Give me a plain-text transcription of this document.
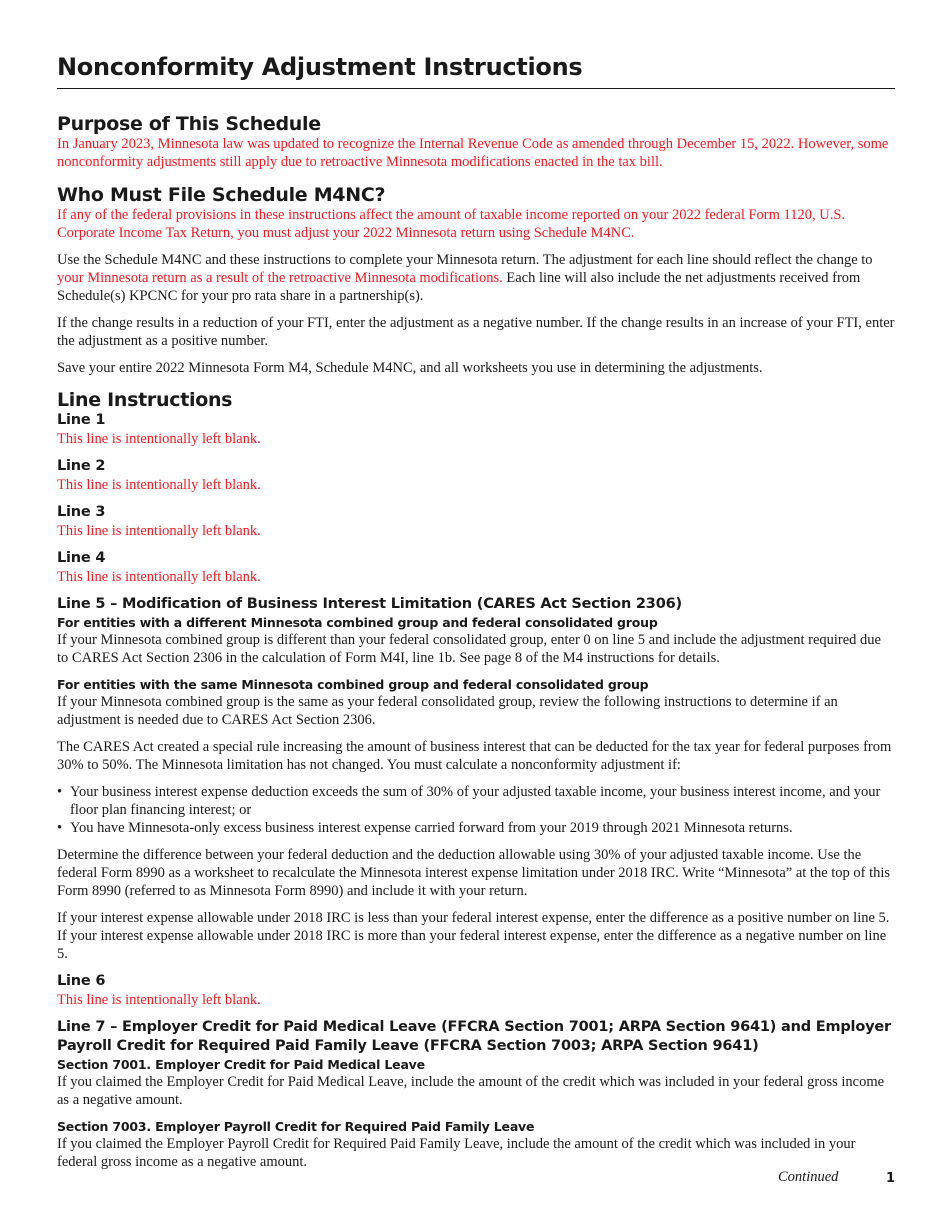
Nonconformity Adjustment Instructions
Purpose of This Schedule

In January 2023, Minnesota law was updated to recognize the Internal Revenue Code as amended through December 15, 2022. However, some nonconformity adjustments still apply due to retroactive Minnesota modifications enacted in the tax bill.

Who Must File Schedule M4NC?

If any of the federal provisions in these instructions affect the amount of taxable income reported on your 2022 federal Form 1120, U.S. Corporate Income Tax Return, you must adjust your 2022 Minnesota return using Schedule M4NC.

Use the Schedule M4NC and these instructions to complete your Minnesota return. The adjustment for each line should reflect the change to your Minnesota return as a result of the retroactive Minnesota modifications. Each line will also include the net adjustments received from Schedule(s) KPCNC for your pro rata share in a partnership(s).

If the change results in a reduction of your FTI, enter the adjustment as a negative number. If the change results in an increase of your FTI, enter the adjustment as a positive number.

Save your entire 2022 Minnesota Form M4, Schedule M4NC, and all worksheets you use in determining the adjustments.

Line Instructions
Line 1

This line is intentionally left blank.

Line 2

This line is intentionally left blank.

Line 3

This line is intentionally left blank.

Line 4

This line is intentionally left blank.

Line 5 – Modification of Business Interest Limitation (CARES Act Section 2306)
For entities with a different Minnesota combined group and federal consolidated group

If your Minnesota combined group is different than your federal consolidated group, enter 0 on line 5 and include the adjustment required due to CARES Act Section 2306 in the calculation of Form M4I, line 1b. See page 8 of the M4 instructions for details.

For entities with the same Minnesota combined group and federal consolidated group

If your Minnesota combined group is the same as your federal consolidated group, review the following instructions to determine if an adjustment is needed due to CARES Act Section 2306.

The CARES Act created a special rule increasing the amount of business interest that can be deducted for the tax year for federal purposes from 30% to 50%. The Minnesota limitation has not changed. You must calculate a nonconformity adjustment if:

• Your business interest expense deduction exceeds the sum of 30% of your adjusted taxable income, your business interest income, and your floor plan financing interest; or
• You have Minnesota-only excess business interest expense carried forward from your 2019 through 2021 Minnesota returns.

Determine the difference between your federal deduction and the deduction allowable using 30% of your adjusted taxable income. Use the federal Form 8990 as a worksheet to recalculate the Minnesota interest expense limitation under 2018 IRC. Write “Minnesota” at the top of this Form 8990 (referred to as Minnesota Form 8990) and include it with your return.

If your interest expense allowable under 2018 IRC is less than your federal interest expense, enter the difference as a positive number on line 5. If your interest expense allowable under 2018 IRC is more than your federal interest expense, enter the difference as a negative number on line 5.

Line 6

This line is intentionally left blank.

Line 7 – Employer Credit for Paid Medical Leave (FFCRA Section 7001; ARPA Section 9641) and Employer Payroll Credit for Required Paid Family Leave (FFCRA Section 7003; ARPA Section 9641)
Section 7001. Employer Credit for Paid Medical Leave

If you claimed the Employer Credit for Paid Medical Leave, include the amount of the credit which was included in your federal gross income as a negative amount.

Section 7003. Employer Payroll Credit for Required Paid Family Leave

If you claimed the Employer Payroll Credit for Required Paid Family Leave, include the amount of the credit which was included in your federal gross income as a negative amount.

Continued	1
